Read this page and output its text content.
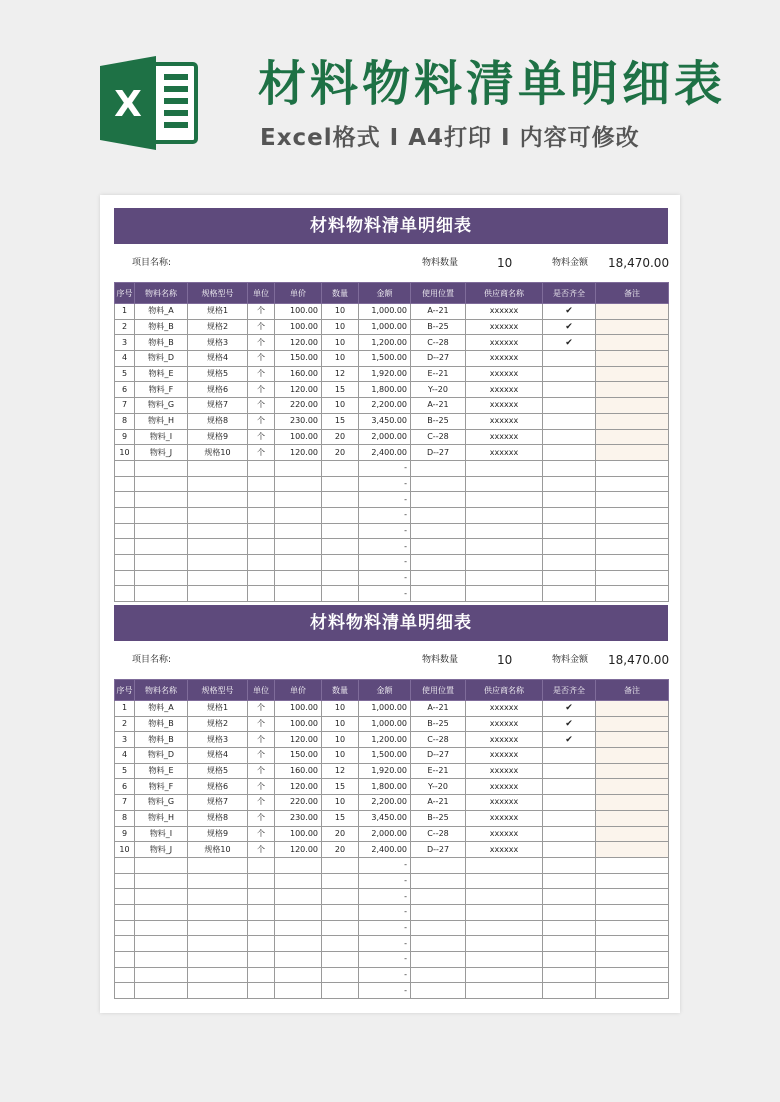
X 材料物料清单明细表
Excel格式 I A4打印 I 内容可修改
材料物料清单明细表
项目名称:	物料数量	10	物料金额 18,470.00
序号	物料名称	规格型号	单位	单价	数量	金额	使用位置	供应商名称	是否齐全	备注
1	物料_A	规格1	个	100.00	10	1,000.00	A--21	xxxxxx	✔	
2	物料_B	规格2	个	100.00	10	1,000.00	B--25	xxxxxx	✔	
3	物料_B	规格3	个	120.00	10	1,200.00	C--28	xxxxxx	✔	
4	物料_D	规格4	个	150.00	10	1,500.00	D--27	xxxxxx		
5	物料_E	规格5	个	160.00	12	1,920.00	E--21	xxxxxx		
6	物料_F	规格6	个	120.00	15	1,800.00	Y--20	xxxxxx		
7	物料_G	规格7	个	220.00	10	2,200.00	A--21	xxxxxx		
8	物料_H	规格8	个	230.00	15	3,450.00	B--25	xxxxxx		
9	物料_I	规格9	个	100.00	20	2,000.00	C--28	xxxxxx		
10	物料_J	规格10	个	120.00	20	2,400.00	D--27	xxxxxx		
						-				
						-				
						-				
						-				
						-				
						-				
						-				
						-				
						-				
材料物料清单明细表
项目名称:	物料数量	10	物料金额 18,470.00
序号	物料名称	规格型号	单位	单价	数量	金额	使用位置	供应商名称	是否齐全	备注
1	物料_A	规格1	个	100.00	10	1,000.00	A--21	xxxxxx	✔	
2	物料_B	规格2	个	100.00	10	1,000.00	B--25	xxxxxx	✔	
3	物料_B	规格3	个	120.00	10	1,200.00	C--28	xxxxxx	✔	
4	物料_D	规格4	个	150.00	10	1,500.00	D--27	xxxxxx		
5	物料_E	规格5	个	160.00	12	1,920.00	E--21	xxxxxx		
6	物料_F	规格6	个	120.00	15	1,800.00	Y--20	xxxxxx		
7	物料_G	规格7	个	220.00	10	2,200.00	A--21	xxxxxx		
8	物料_H	规格8	个	230.00	15	3,450.00	B--25	xxxxxx		
9	物料_I	规格9	个	100.00	20	2,000.00	C--28	xxxxxx		
10	物料_J	规格10	个	120.00	20	2,400.00	D--27	xxxxxx		
						-				
						-				
						-				
						-				
						-				
						-				
						-				
						-				
						-				
